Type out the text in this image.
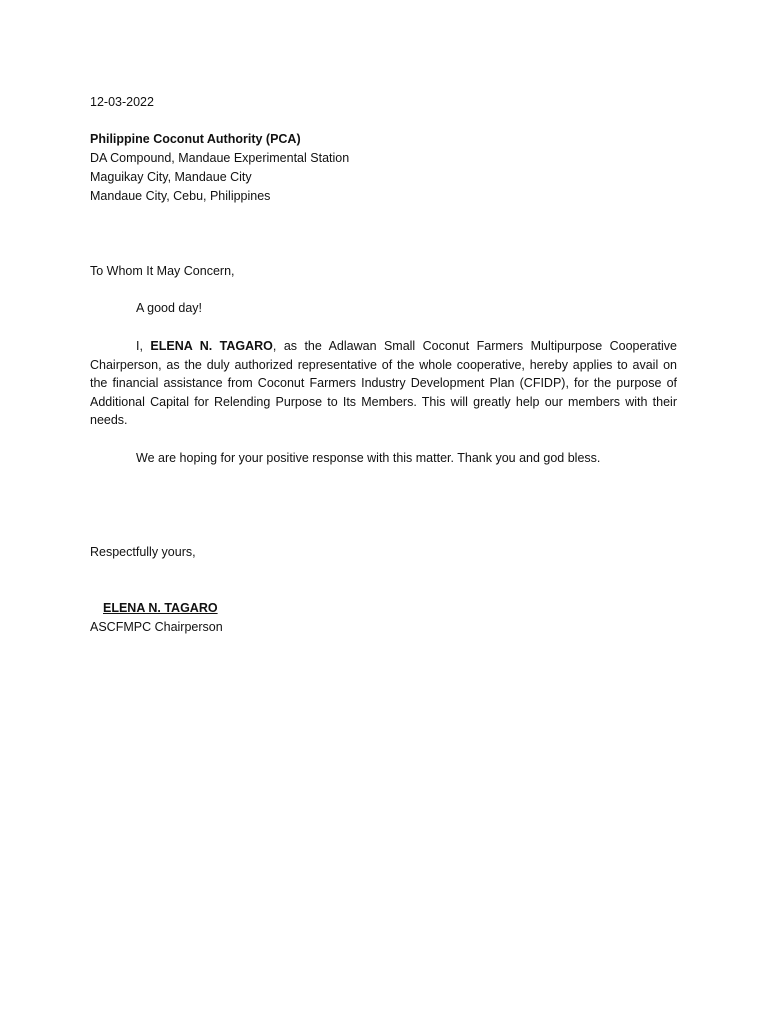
12-03-2022
Philippine Coconut Authority (PCA)
DA Compound, Mandaue Experimental Station
Maguikay City, Mandaue City
Mandaue City, Cebu, Philippines
To Whom It May Concern,
A good day!
I, ELENA N. TAGARO, as the Adlawan Small Coconut Farmers Multipurpose Cooperative Chairperson, as the duly authorized representative of the whole cooperative, hereby applies to avail on the financial assistance from Coconut Farmers Industry Development Plan (CFIDP), for the purpose of Additional Capital for Relending Purpose to Its Members. This will greatly help our members with their needs.
We are hoping for your positive response with this matter. Thank you and god bless.
Respectfully yours,
ELENA N. TAGARO
ASCFMPC Chairperson
